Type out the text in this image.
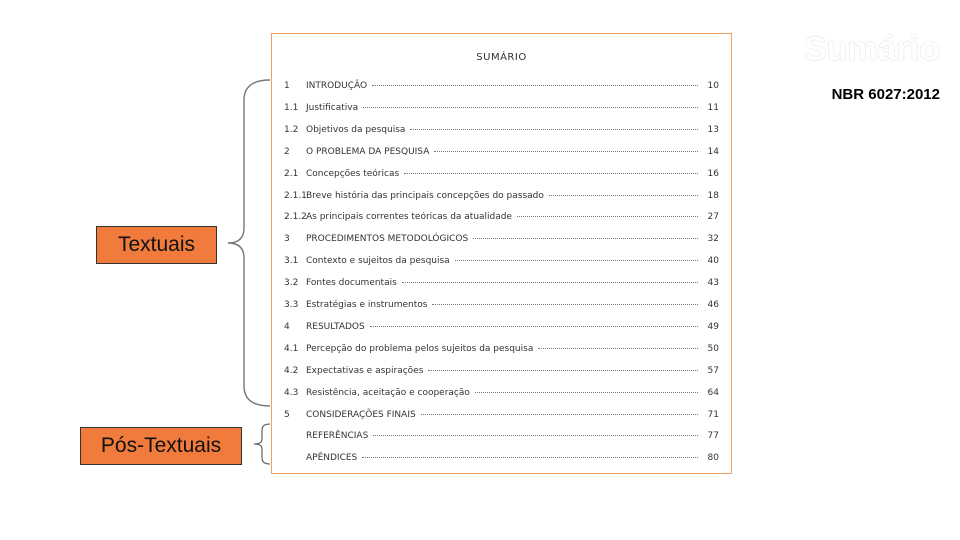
Sumário
NBR 6027:2012
Textuais
Pós-Textuais
SUMÁRIO
1	INTRODUÇÃO	10
1.1 Justificativa	11
1.2 Objetivos da pesquisa	13
2	O PROBLEMA DA PESQUISA	14
2.1 Concepções teóricas	16
2.1.1 Breve história das principais concepções do passado	18
2.1.2 As principais correntes teóricas da atualidade	27
3	PROCEDIMENTOS METODOLÓGICOS	32
3.1 Contexto e sujeitos da pesquisa	40
3.2 Fontes documentais	43
3.3 Estratégias e instrumentos	46
4	RESULTADOS	49
4.1 Percepção do problema pelos sujeitos da pesquisa	50
4.2 Expectativas e aspirações	57
4.3 Resistência, aceitação e cooperação	64
5	CONSIDERAÇÕES FINAIS	71
REFERÊNCIAS	77
APÊNDICES	80
